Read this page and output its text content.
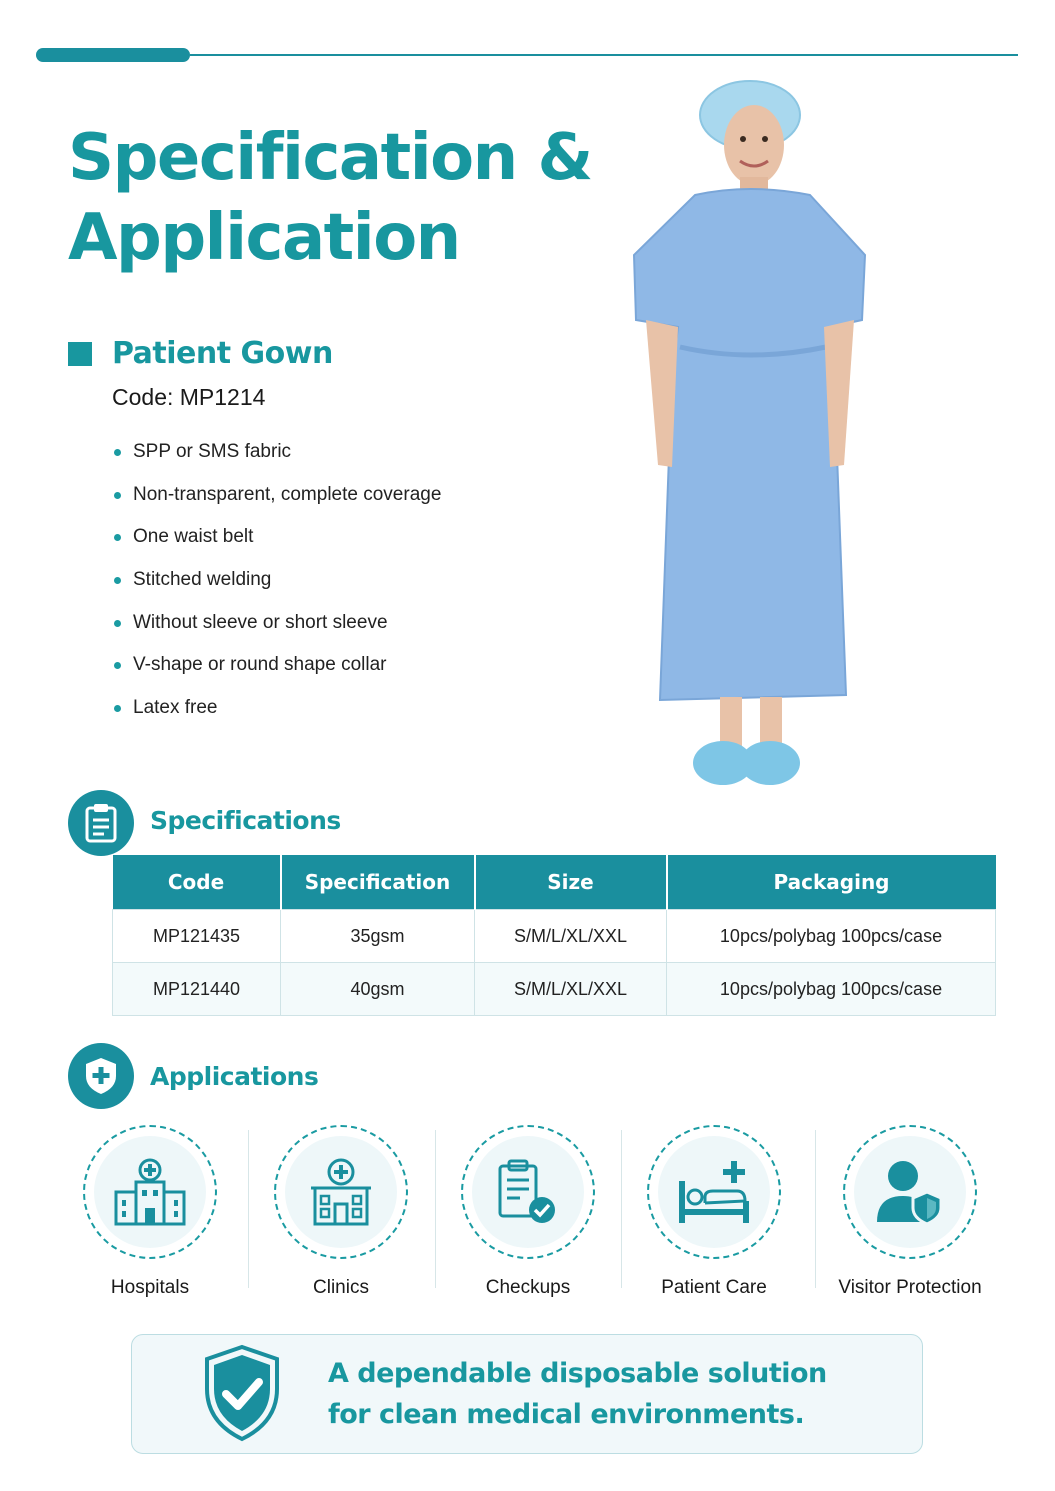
Specification &
Application
Patient Gown
Code: MP1214
SPP or SMS fabric
Non-transparent, complete coverage
One waist belt
Stitched welding
Without sleeve or short sleeve
V-shape or round shape collar
Latex free
Specifications
Code	Specification	Size	Packaging
MP121435	35gsm	S/M/L/XL/XXL	10pcs/polybag 100pcs/case
MP121440	40gsm	S/M/L/XL/XXL	10pcs/polybag 100pcs/case
Applications
Hospitals	Clinics	Checkups	Patient Care	Visitor Protection
A dependable disposable solution
for clean medical environments.
